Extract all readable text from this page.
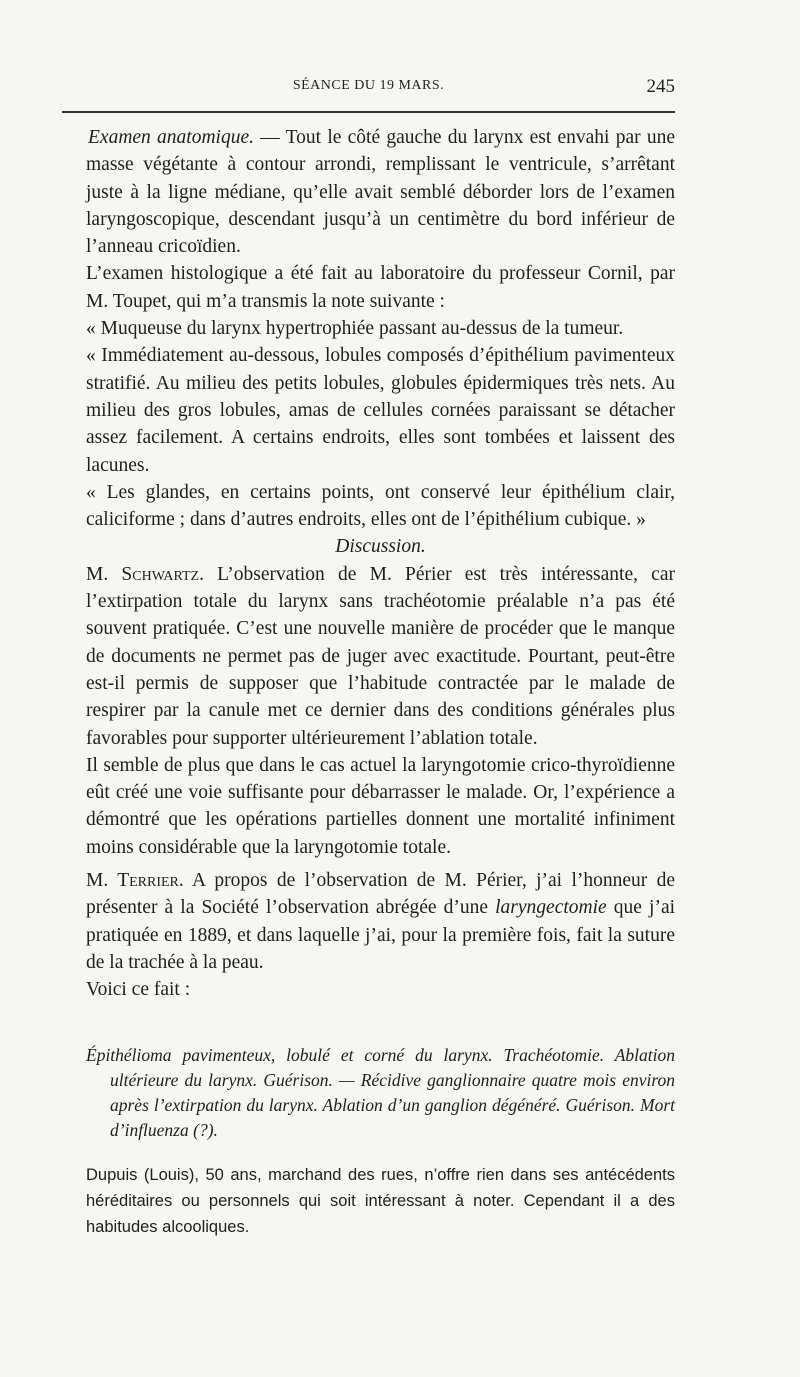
SÉANCE DU 19 MARS.	245

Examen anatomique. — Tout le côté gauche du larynx est envahi par une masse végétante à contour arrondi, remplissant le ventricule, s’arrêtant juste à la ligne médiane, qu’elle avait semblé déborder lors de l’examen laryngoscopique, descendant jusqu’à un centimètre du bord inférieur de l’anneau cricoïdien.

L’examen histologique a été fait au laboratoire du professeur Cornil, par M. Toupet, qui m’a transmis la note suivante :

« Muqueuse du larynx hypertrophiée passant au-dessus de la tumeur.

« Immédiatement au-dessous, lobules composés d’épithélium pavimenteux stratifié. Au milieu des petits lobules, globules épidermiques très nets. Au milieu des gros lobules, amas de cellules cornées paraissant se détacher assez facilement. A certains endroits, elles sont tombées et laissent des lacunes.

« Les glandes, en certains points, ont conservé leur épithélium clair, caliciforme ; dans d’autres endroits, elles ont de l’épithélium cubique. »

Discussion.

M. Schwartz. L’observation de M. Périer est très intéressante, car l’extirpation totale du larynx sans trachéotomie préalable n’a pas été souvent pratiquée. C’est une nouvelle manière de procéder que le manque de documents ne permet pas de juger avec exactitude. Pourtant, peut-être est-il permis de supposer que l’habitude contractée par le malade de respirer par la canule met ce dernier dans des conditions générales plus favorables pour supporter ultérieurement l’ablation totale.

Il semble de plus que dans le cas actuel la laryngotomie crico-thyroïdienne eût créé une voie suffisante pour débarrasser le malade. Or, l’expérience a démontré que les opérations partielles donnent une mortalité infiniment moins considérable que la laryngotomie totale.

M. Terrier. A propos de l’observation de M. Périer, j’ai l’honneur de présenter à la Société l’observation abrégée d’une laryngectomie que j’ai pratiquée en 1889, et dans laquelle j’ai, pour la première fois, fait la suture de la trachée à la peau.

Voici ce fait :

Épithélioma pavimenteux, lobulé et corné du larynx. Trachéotomie. Ablation ultérieure du larynx. Guérison. — Récidive ganglionnaire quatre mois environ après l’extirpation du larynx. Ablation d’un ganglion dégénéré. Guérison. Mort d’influenza (?).

Dupuis (Louis), 50 ans, marchand des rues, n’offre rien dans ses antécédents héréditaires ou personnels qui soit intéressant à noter. Cependant il a des habitudes alcooliques.
